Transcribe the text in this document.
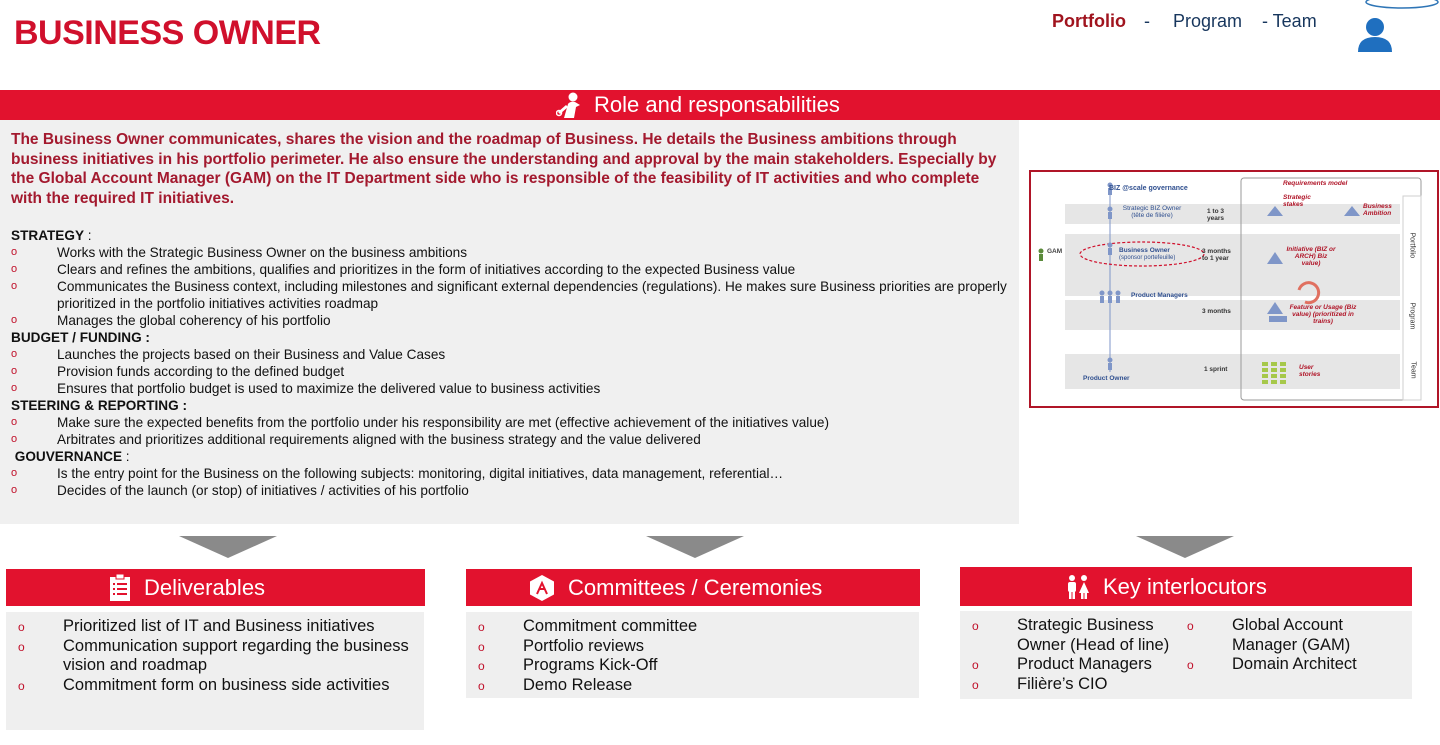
BUSINESS OWNER	Portfolio - Program - Team
Role and responsabilities
The Business Owner communicates, shares the vision and the roadmap of Business. He details the Business ambitions through business initiatives in his portfolio perimeter. He also ensure the understanding and approval by the main stakeholders. Especially by the Global Account Manager (GAM) on the IT Department side who is responsible of the feasibility of IT activities and who complete with the required IT initiatives.
STRATEGY :
o	Works with the Strategic Business Owner on the business ambitions
o	Clears and refines the ambitions, qualifies and prioritizes in the form of initiatives according to the expected Business value
o	Communicates the Business context, including milestones and significant external dependencies (regulations). He makes sure Business priorities are properly prioritized in the portfolio initiatives activities roadmap
o	Manages the global coherency of his portfolio
BUDGET / FUNDING :
o	Launches the projects based on their Business and Value Cases
o	Provision funds according to the defined budget
o	Ensures that portfolio budget is used to maximize the delivered value to business activities
STEERING & REPORTING :
o	Make sure the expected benefits from the portfolio under his responsibility are met (effective achievement of the initiatives value)
o	Arbitrates and prioritizes additional requirements aligned with the business strategy and the value delivered
GOUVERNANCE :
o	Is the entry point for the Business on the following subjects: monitoring, digital initiatives, data management, referential…
o	Decides of the launch (or stop) of initiatives / activities of his portfolio
BIZ @scale governance
Requirements model
Strategic BIZ Owner (tête de filière)
1 to 3 years
Strategic stakes	Business Ambition
GAM	Business Owner
(sponsor portefeuille)
3 months to 1 year
Initiative (BIZ or ARCH) Biz value)
Product Managers
3 months
Feature or Usage (Biz value) (prioritized in trains)
Product Owner
1 sprint	User stories
Portfolio
Program
Team
Deliverables
o Prioritized list of IT and Business initiatives
o Communication support regarding the business vision and roadmap
o Commitment form on business side activities
Committees / Ceremonies
o Commitment committee
o Portfolio reviews
o Programs Kick-Off
o Demo Release
Key interlocutors
o Strategic Business Owner (Head of line)
o Product Managers
o Filière’s CIO
o Global Account Manager (GAM)
o Domain Architect
